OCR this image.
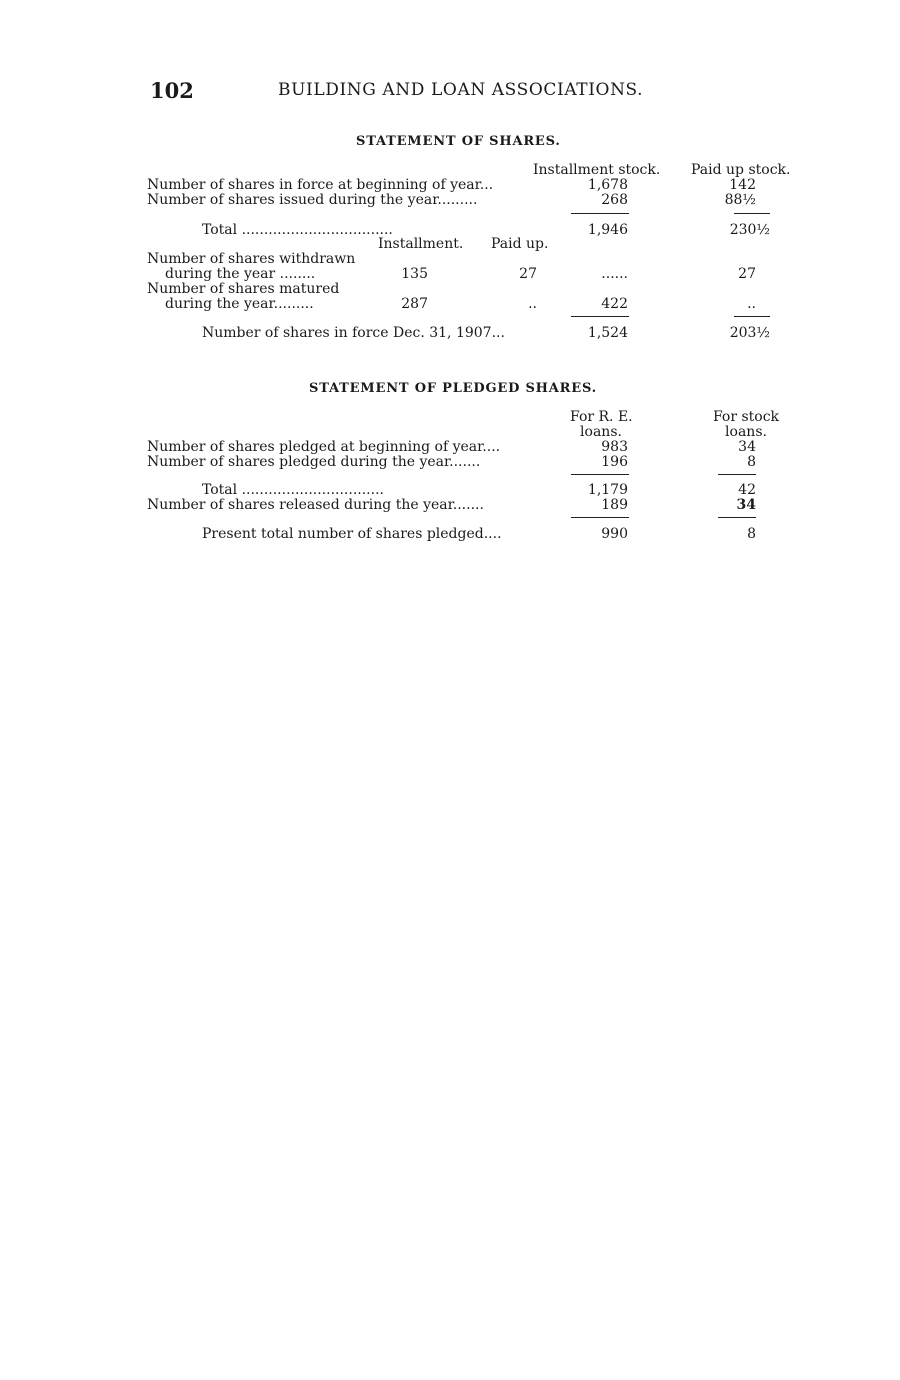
102	BUILDING AND LOAN ASSOCIATIONS.
STATEMENT OF SHARES.
Installment stock. Paid up stock.
Number of shares in force at beginning of year...	1,678	142
Number of shares issued during the year.........	268	88½
Total ..................................	1,946	230½
Installment. Paid up.
Number of shares withdrawn
during the year ........	135	27	......	27
Number of shares matured
during the year.........	287	..	422	..
Number of shares in force Dec. 31, 1907...	1,524	203½
STATEMENT OF PLEDGED SHARES.
For R. E.
loans.
For stock
loans.
Number of shares pledged at beginning of year....	983	34
Number of shares pledged during the year.......	196	8
Total ................................	1,179	42
Number of shares released during the year.......	189	34
Present total number of shares pledged....	990	8
